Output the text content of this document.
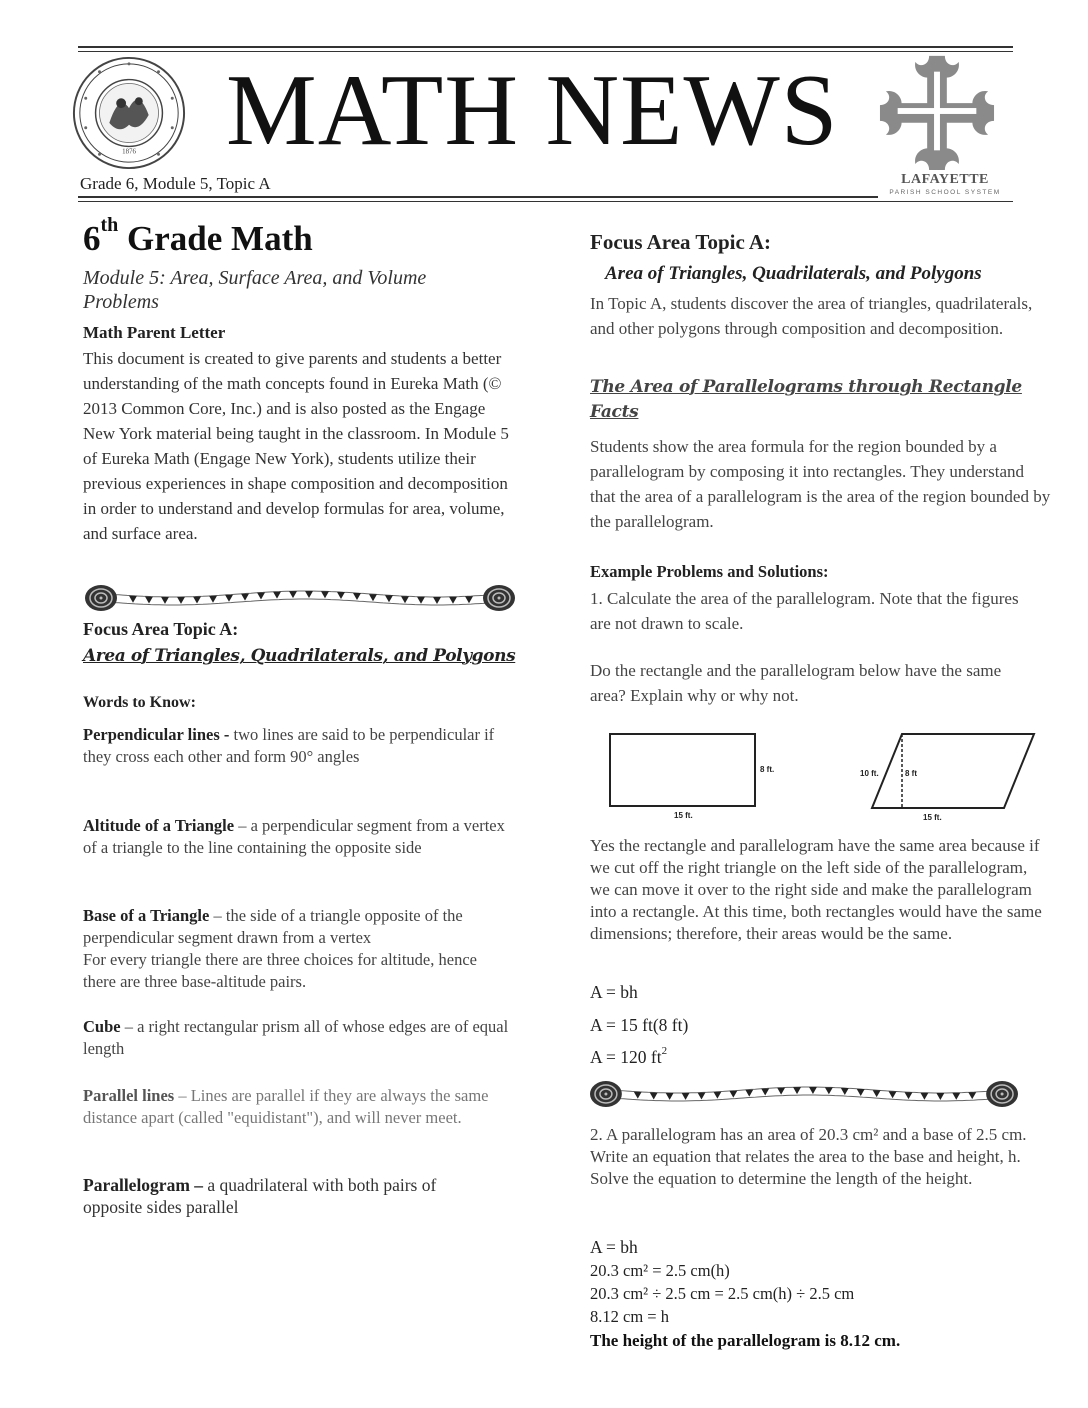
1876 MATH NEWS
LAFAYETTE
PARISH SCHOOL SYSTEM
Grade 6, Module 5, Topic A
6th Grade Math
Module 5: Area, Surface Area, and Volume Problems
Math Parent Letter
This document is created to give parents and students a better understanding of the math concepts found in Eureka Math (© 2013 Common Core, Inc.) and is also posted as the Engage New York material being taught in the classroom. In Module 5 of Eureka Math (Engage New York), students utilize their previous experiences in shape composition and decomposition in order to understand and develop formulas for area, volume, and surface area.
Focus Area Topic A:
Area of Triangles, Quadrilaterals, and Polygons
Words to Know:
Perpendicular lines - two lines are said to be perpendicular if they cross each other and form 90° angles
Altitude of a Triangle – a perpendicular segment from a vertex of a triangle to the line containing the opposite side
Base of a Triangle – the side of a triangle opposite of the perpendicular segment drawn from a vertex
For every triangle there are three choices for altitude, hence there are three base-altitude pairs.
Cube – a right rectangular prism all of whose edges are of equal length
Parallel lines – Lines are parallel if they are always the same distance apart (called "equidistant"), and will never meet.
Parallelogram – a quadrilateral with both pairs of opposite sides parallel
Focus Area Topic A:
Area of Triangles, Quadrilaterals, and Polygons
In Topic A, students discover the area of triangles, quadrilaterals, and other polygons through composition and decomposition.
The Area of Parallelograms through Rectangle Facts
Students show the area formula for the region bounded by a parallelogram by composing it into rectangles. They understand that the area of a parallelogram is the area of the region bounded by the parallelogram.
Example Problems and Solutions:
1. Calculate the area of the parallelogram. Note that the figures are not drawn to scale.
Do the rectangle and the parallelogram below have the same area? Explain why or why not.
8 ft.
15 ft.
10 ft.	8 ft
15 ft.
Yes the rectangle and parallelogram have the same area because if we cut off the right triangle on the left side of the parallelogram, we can move it over to the right side and make the parallelogram into a rectangle. At this time, both rectangles would have the same dimensions; therefore, their areas would be the same.
A = bh
A = 15 ft(8 ft)
A = 120 $ft^2$
2. A parallelogram has an area of 20.3 cm² and a base of 2.5 cm. Write an equation that relates the area to the base and height, h. Solve the equation to determine the length of the height.
A = bh
20.3 cm² = 2.5 cm(h)
20.3 cm² ÷ 2.5 cm = 2.5 cm(h) ÷ 2.5 cm
8.12 cm = h
The height of the parallelogram is 8.12 cm.
